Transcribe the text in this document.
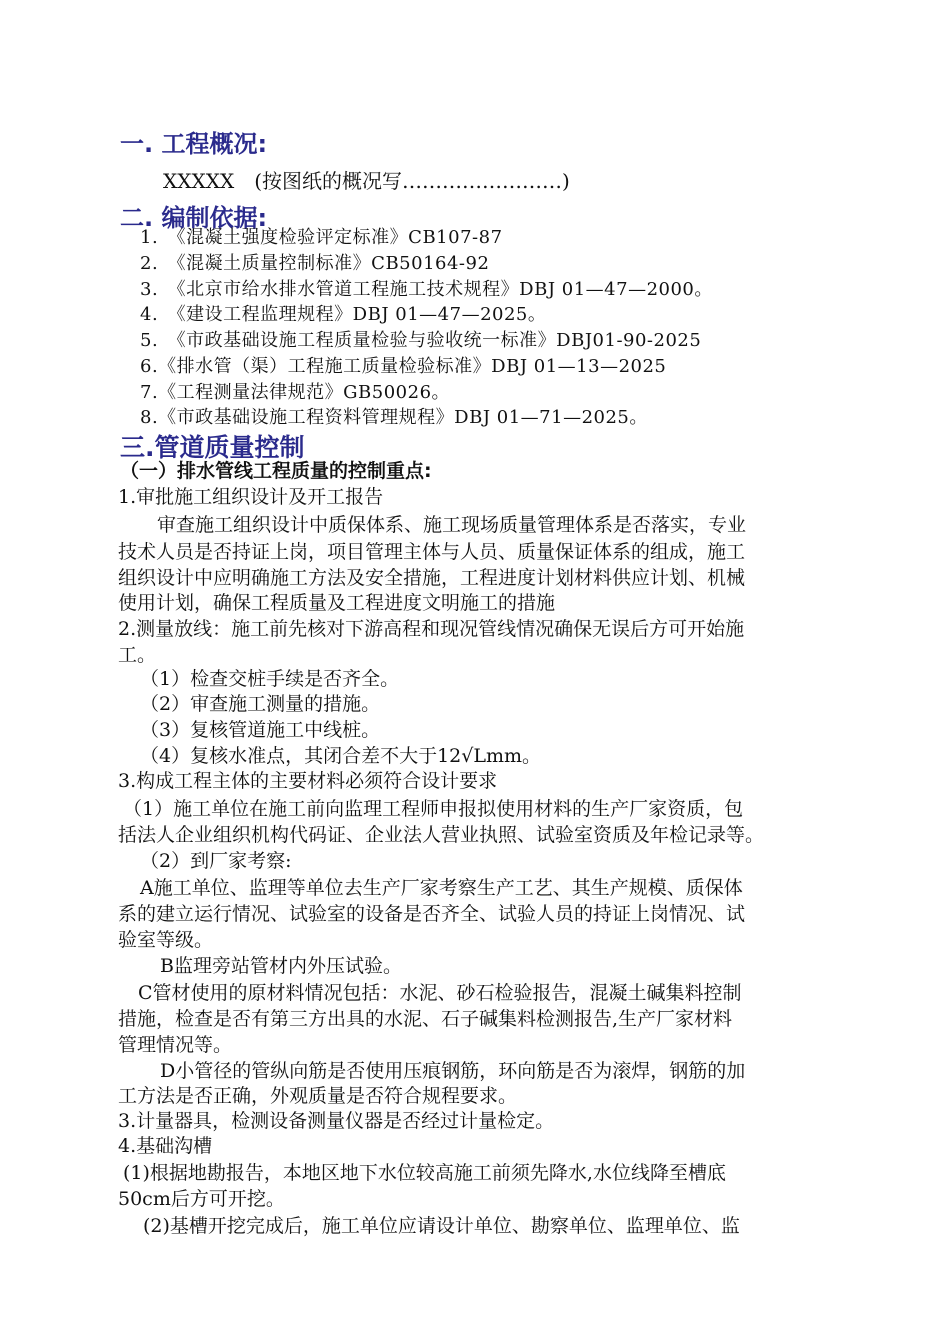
一. 工程概况:
XXXXX　(按图纸的概况写……………………)
二. 编制依据:
1.　《混凝土强度检验评定标准》CB107-87
2.　《混凝土质量控制标准》CB50164-92
3.　《北京市给水排水管道工程施工技术规程》DBJ 01—47—2000。
4.　《建设工程监理规程》DBJ 01—47—2025。
5.　《市政基础设施工程质量检验与验收统一标准》DBJ01-90-2025
6.《排水管（渠）工程施工质量检验标准》DBJ 01—13—2025
7.《工程测量法律规范》GB50026。
8.《市政基础设施工程资料管理规程》DBJ 01—71—2025。
三.管道质量控制
（一）排水管线工程质量的控制重点:
1.审批施工组织设计及开工报告
　审查施工组织设计中质保体系、施工现场质量管理体系是否落实，专业
技术人员是否持证上岗，项目管理主体与人员、质量保证体系的组成，施工
组织设计中应明确施工方法及安全措施，工程进度计划材料供应计划、机械
使用计划，确保工程质量及工程进度文明施工的措施
2.测量放线：施工前先核对下游高程和现况管线情况确保无误后方可开始施
工。
（1）检查交桩手续是否齐全。
（2）审查施工测量的措施。
（3）复核管道施工中线桩。
（4）复核水准点，其闭合差不大于12√Lmm。
3.构成工程主体的主要材料必须符合设计要求
（1）施工单位在施工前向监理工程师申报拟使用材料的生产厂家资质，包
括法人企业组织机构代码证、企业法人营业执照、试验室资质及年检记录等。
（2）到厂家考察:
A施工单位、监理等单位去生产厂家考察生产工艺、其生产规模、质保体
系的建立运行情况、试验室的设备是否齐全、试验人员的持证上岗情况、试
验室等级。
B监理旁站管材内外压试验。
C管材使用的原材料情况包括：水泥、砂石检验报告，混凝土碱集料控制
措施，检查是否有第三方出具的水泥、石子碱集料检测报告,生产厂家材料
管理情况等。
D小管径的管纵向筋是否使用压痕钢筋，环向筋是否为滚焊，钢筋的加
工方法是否正确，外观质量是否符合规程要求。
3.计量器具，检测设备测量仪器是否经过计量检定。
4.基础沟槽
(1)根据地勘报告，本地区地下水位较高施工前须先降水,水位线降至槽底
50cm后方可开挖。
(2)基槽开挖完成后，施工单位应请设计单位、勘察单位、监理单位、监
